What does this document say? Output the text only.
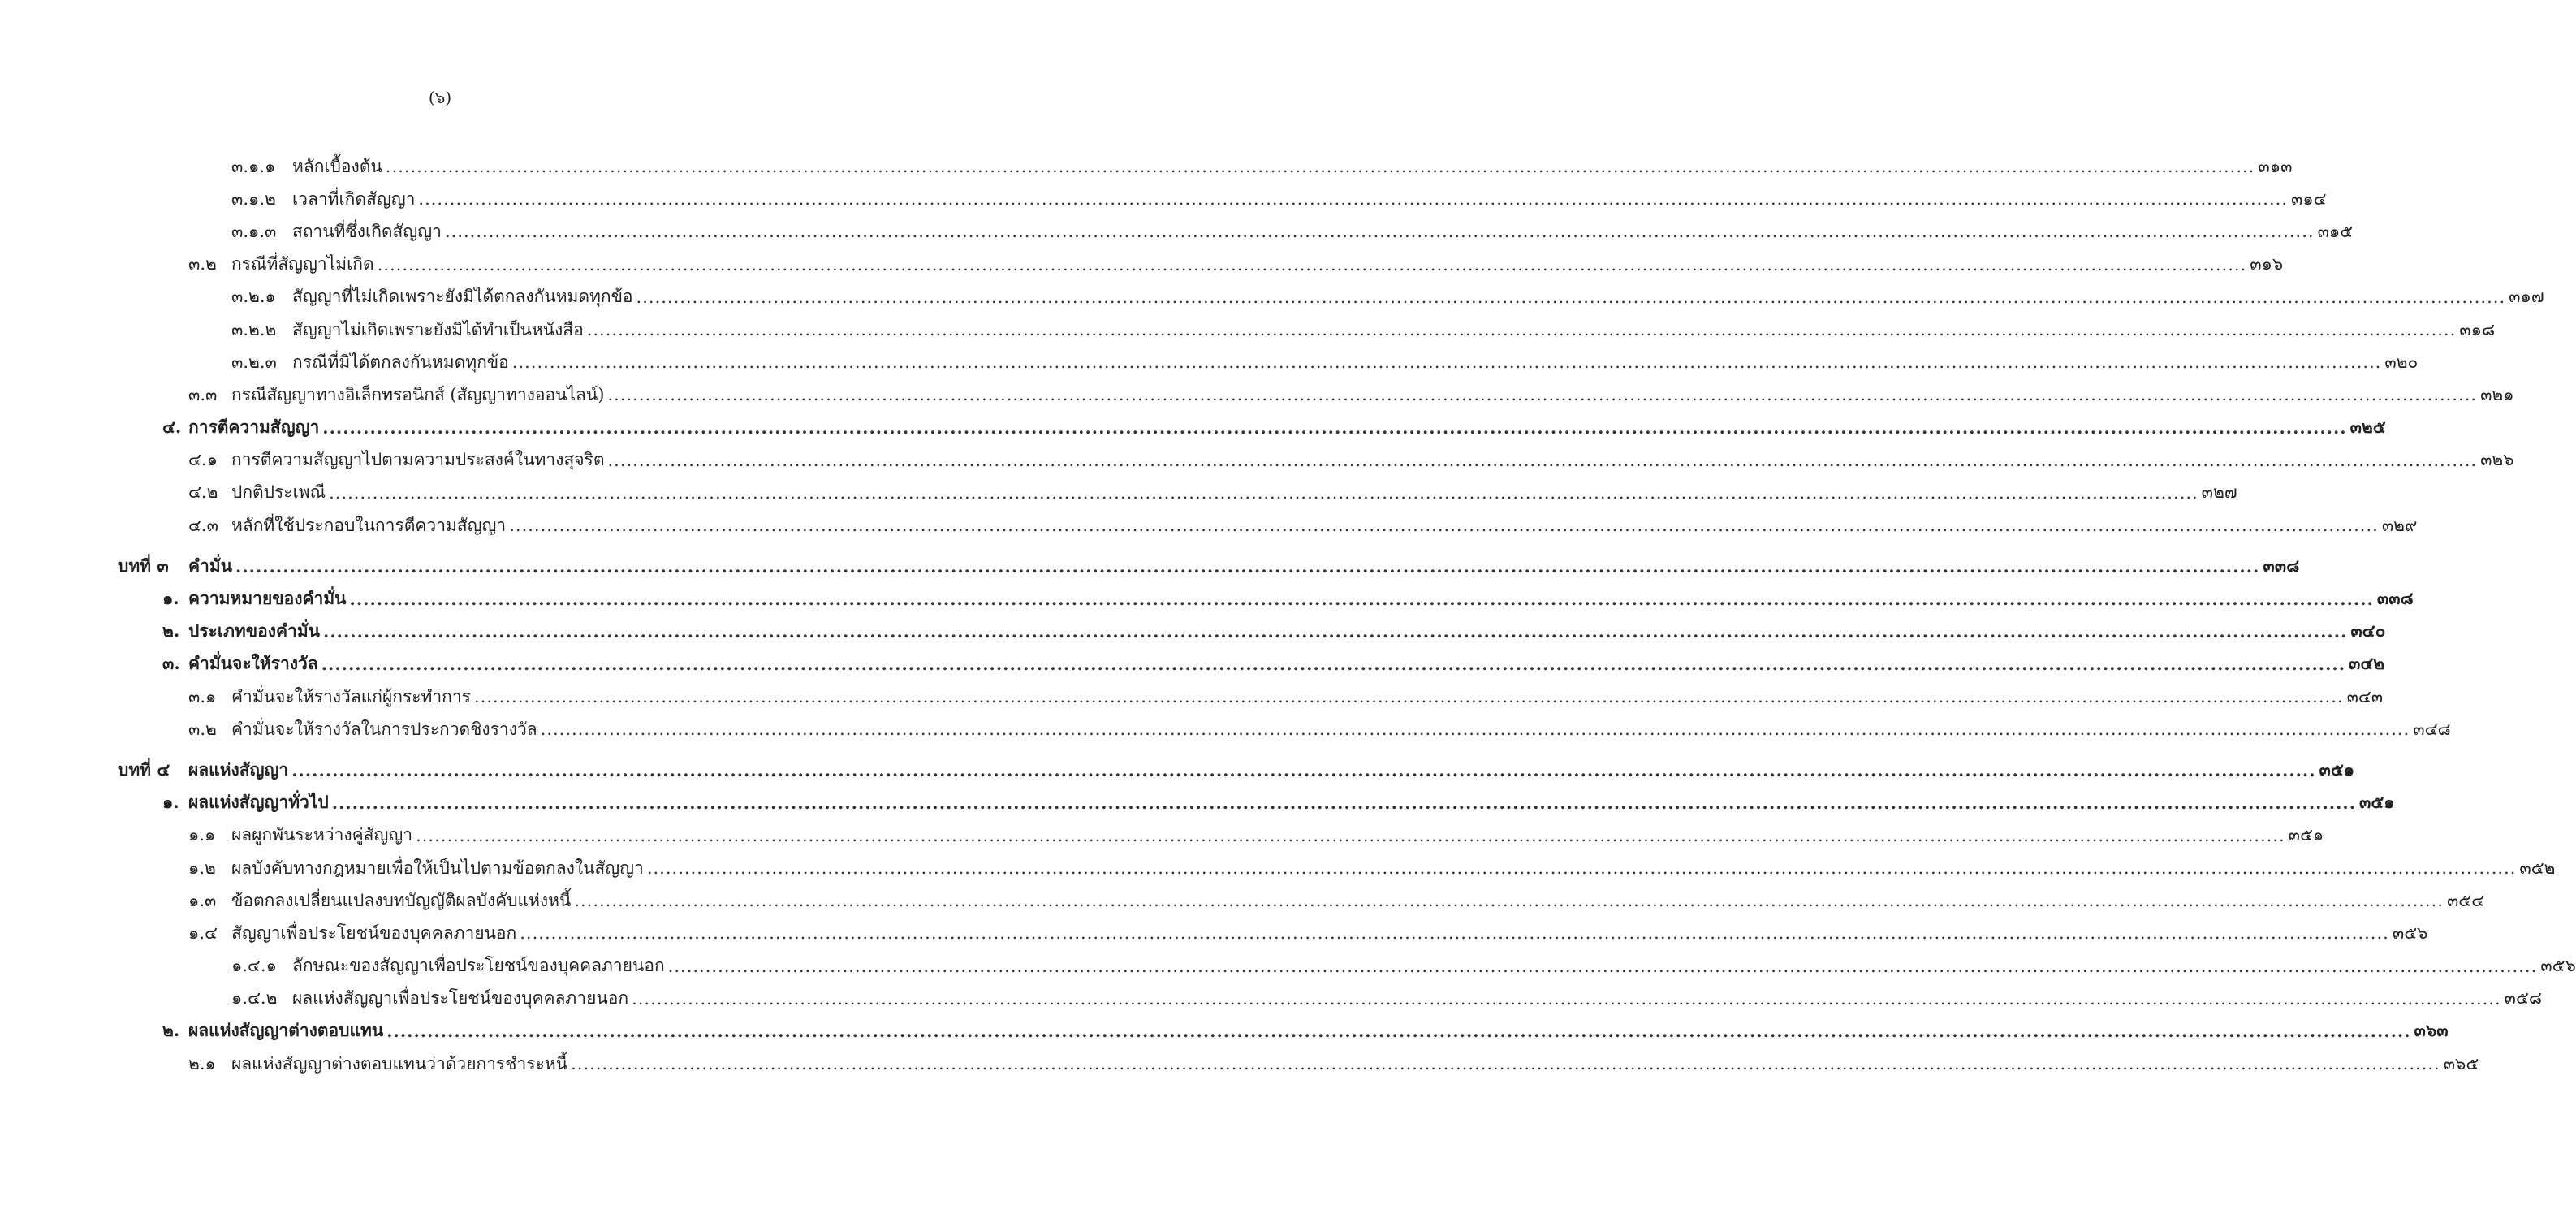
(๖)
๓.๑.๑ หลักเบื้องต้น ............................................................................................................................................................................................................................................................................................................ ๓๑๓
๓.๑.๒ เวลาที่เกิดสัญญา ............................................................................................................................................................................................................................................................................................................ ๓๑๔
๓.๑.๓ สถานที่ซึ่งเกิดสัญญา ............................................................................................................................................................................................................................................................................................................ ๓๑๕
๓.๒ กรณีที่สัญญาไม่เกิด ............................................................................................................................................................................................................................................................................................................ ๓๑๖
๓.๒.๑ สัญญาที่ไม่เกิดเพราะยังมิได้ตกลงกันหมดทุกข้อ ............................................................................................................................................................................................................................................................................................................ ๓๑๗
๓.๒.๒ สัญญาไม่เกิดเพราะยังมิได้ทำเป็นหนังสือ ............................................................................................................................................................................................................................................................................................................ ๓๑๘
๓.๒.๓ กรณีที่มิได้ตกลงกันหมดทุกข้อ ............................................................................................................................................................................................................................................................................................................ ๓๒๐
๓.๓ กรณีสัญญาทางอิเล็กทรอนิกส์ (สัญญาทางออนไลน์) ............................................................................................................................................................................................................................................................................................................ ๓๒๑
๔. การตีความสัญญา ............................................................................................................................................................................................................................................................................................................ ๓๒๕
๔.๑ การตีความสัญญาไปตามความประสงค์ในทางสุจริต ............................................................................................................................................................................................................................................................................................................ ๓๒๖
๔.๒ ปกติประเพณี ............................................................................................................................................................................................................................................................................................................ ๓๒๗
๔.๓ หลักที่ใช้ประกอบในการตีความสัญญา ............................................................................................................................................................................................................................................................................................................ ๓๒๙
บทที่ ๓ คำมั่น ............................................................................................................................................................................................................................................................................................................ ๓๓๘
๑. ความหมายของคำมั่น ............................................................................................................................................................................................................................................................................................................ ๓๓๘
๒. ประเภทของคำมั่น ............................................................................................................................................................................................................................................................................................................ ๓๔๐
๓. คำมั่นจะให้รางวัล ............................................................................................................................................................................................................................................................................................................ ๓๔๒
๓.๑ คำมั่นจะให้รางวัลแก่ผู้กระทำการ ............................................................................................................................................................................................................................................................................................................ ๓๔๓
๓.๒ คำมั่นจะให้รางวัลในการประกวดชิงรางวัล ............................................................................................................................................................................................................................................................................................................ ๓๔๘
บทที่ ๔ ผลแห่งสัญญา ............................................................................................................................................................................................................................................................................................................ ๓๕๑
๑. ผลแห่งสัญญาทั่วไป ............................................................................................................................................................................................................................................................................................................ ๓๕๑
๑.๑ ผลผูกพันระหว่างคู่สัญญา ............................................................................................................................................................................................................................................................................................................ ๓๕๑
๑.๒ ผลบังคับทางกฎหมายเพื่อให้เป็นไปตามข้อตกลงในสัญญา ............................................................................................................................................................................................................................................................................................................ ๓๕๒
๑.๓ ข้อตกลงเปลี่ยนแปลงบทบัญญัติผลบังคับแห่งหนี้ ............................................................................................................................................................................................................................................................................................................ ๓๕๔
๑.๔ สัญญาเพื่อประโยชน์ของบุคคลภายนอก ............................................................................................................................................................................................................................................................................................................ ๓๕๖
๑.๔.๑ ลักษณะของสัญญาเพื่อประโยชน์ของบุคคลภายนอก ............................................................................................................................................................................................................................................................................................................ ๓๕๖
๑.๔.๒ ผลแห่งสัญญาเพื่อประโยชน์ของบุคคลภายนอก ............................................................................................................................................................................................................................................................................................................ ๓๕๘
๒. ผลแห่งสัญญาต่างตอบแทน ............................................................................................................................................................................................................................................................................................................ ๓๖๓
๒.๑ ผลแห่งสัญญาต่างตอบแทนว่าด้วยการชำระหนี้ ............................................................................................................................................................................................................................................................................................................ ๓๖๕
